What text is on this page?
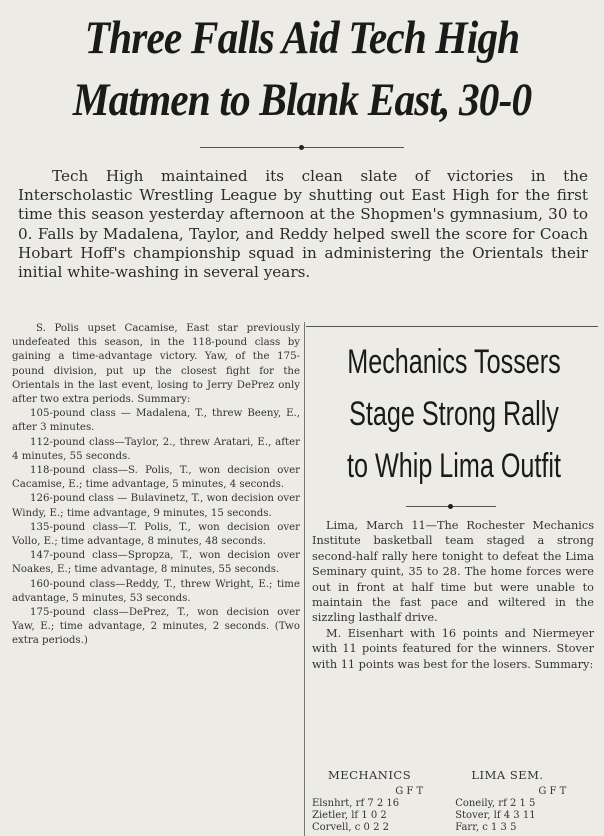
Three Falls Aid Tech High
Matmen to Blank East, 30-0

Tech High maintained its clean slate of victories in the Interscholastic Wrestling League by shutting out East High for the first time this season yesterday afternoon at the Shopmen's gymnasium, 30 to 0. Falls by Madalena, Taylor, and Reddy helped swell the score for Coach Hobart Hoff's championship squad in administering the Orientals their initial white-washing in several years.

S. Polis upset Cacamise, East star previously undefeated this season, in the 118-pound class by gaining a time-advantage victory. Yaw, of the 175-pound division, put up the closest fight for the Orientals in the last event, losing to Jerry DePrez only after two extra periods. Summary:

105-pound class — Madalena, T., threw Beeny, E., after 3 minutes.

112-pound class—Taylor, 2., threw Aratari, E., after 4 minutes, 55 seconds.

118-pound class—S. Polis, T., won decision over Cacamise, E.; time advantage, 5 minutes, 4 seconds.

126-pound class — Bulavinetz, T., won decision over Windy, E.; time advantage, 9 minutes, 15 seconds.

135-pound class—T. Polis, T., won decision over Vollo, E.; time advantage, 8 minutes, 48 seconds.

147-pound class—Spropza, T., won decision over Noakes, E.; time advantage, 8 minutes, 55 seconds.

160-pound class—Reddy, T., threw Wright, E.; time advantage, 5 minutes, 53 seconds.

175-pound class—DePrez, T., won decision over Yaw, E.; time advantage, 2 minutes, 2 seconds. (Two extra periods.)

Mechanics Tossers
Stage Strong Rally
to Whip Lima Outfit

Lima, March 11—The Rochester Mechanics Institute basketball team staged a strong second-half rally here tonight to defeat the Lima Seminary quint, 35 to 28. The home forces were out in front at half time but were unable to maintain the fast pace and wiltered in the sizzling lasthalf drive.

M. Eisenhart with 16 points and Niermeyer with 11 points featured for the winners. Stover with 11 points was best for the losers. Summary:

MECHANICS	LIMA SEM.
G F T	G F T
Elsnhrt, rf 7 2 16	Coneily, rf 2 1 5
Zietler, lf 1 0 2	Stover, lf 4 3 11
Corvell, c 0 2 2	Farr, c 1 3 5
